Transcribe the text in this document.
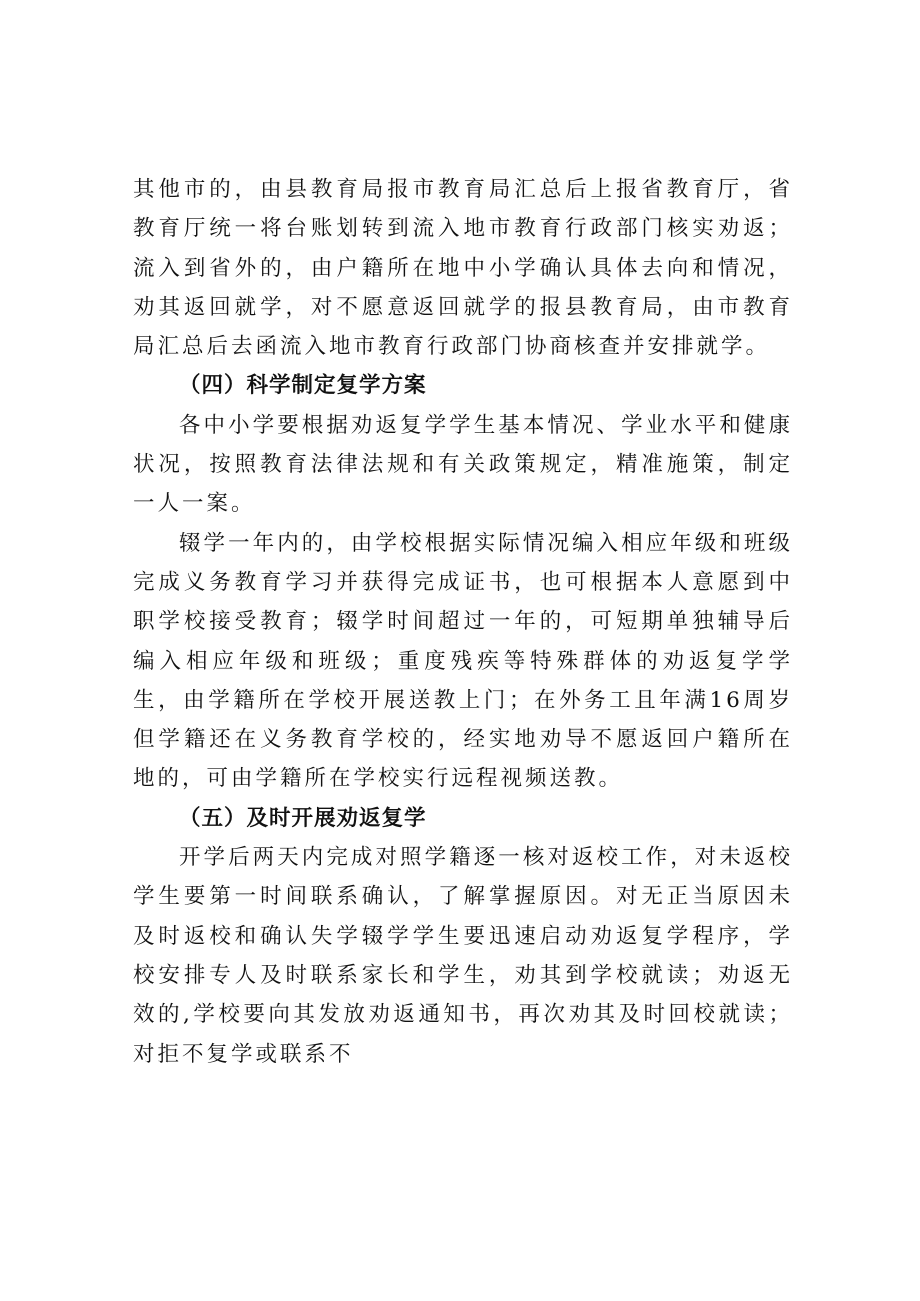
其他市的，由县教育局报市教育局汇总后上报省教育厅，省教育厅统一将台账划转到流入地市教育行政部门核实劝返；流入到省外的，由户籍所在地中小学确认具体去向和情况，劝其返回就学，对不愿意返回就学的报县教育局，由市教育局汇总后去函流入地市教育行政部门协商核查并安排就学。

（四）科学制定复学方案

各中小学要根据劝返复学学生基本情况、学业水平和健康状况，按照教育法律法规和有关政策规定，精准施策，制定一人一案。

辍学一年内的，由学校根据实际情况编入相应年级和班级完成义务教育学习并获得完成证书，也可根据本人意愿到中职学校接受教育；辍学时间超过一年的，可短期单独辅导后编入相应年级和班级；重度残疾等特殊群体的劝返复学学生，由学籍所在学校开展送教上门；在外务工且年满16周岁但学籍还在义务教育学校的，经实地劝导不愿返回户籍所在地的，可由学籍所在学校实行远程视频送教。

（五）及时开展劝返复学

开学后两天内完成对照学籍逐一核对返校工作，对未返校学生要第一时间联系确认，了解掌握原因。对无正当原因未及时返校和确认失学辍学学生要迅速启动劝返复学程序，学校安排专人及时联系家长和学生，劝其到学校就读；劝返无效的,学校要向其发放劝返通知书，再次劝其及时回校就读；对拒不复学或联系不
